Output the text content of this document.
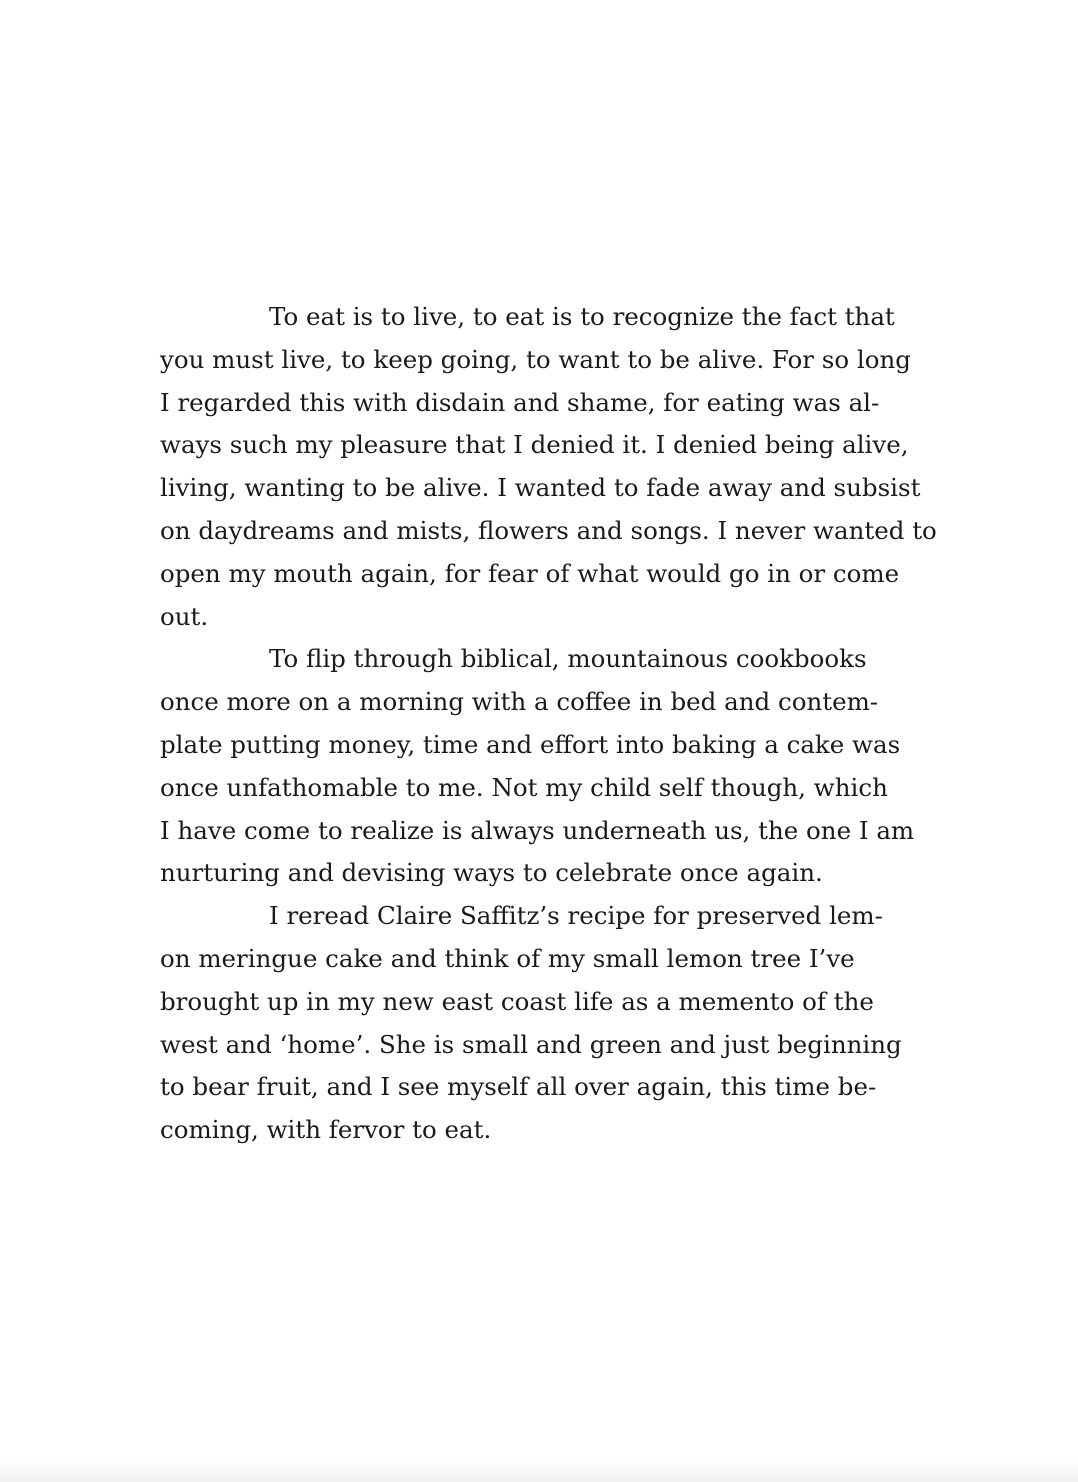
To eat is to live, to eat is to recognize the fact that
you must live, to keep going, to want to be alive. For so long
I regarded this with disdain and shame, for eating was al-
ways such my pleasure that I denied it. I denied being alive,
living, wanting to be alive. I wanted to fade away and subsist
on daydreams and mists, flowers and songs. I never wanted to
open my mouth again, for fear of what would go in or come
out.

To flip through biblical, mountainous cookbooks
once more on a morning with a coffee in bed and contem-
plate putting money, time and effort into baking a cake was
once unfathomable to me. Not my child self though, which
I have come to realize is always underneath us, the one I am
nurturing and devising ways to celebrate once again.

I reread Claire Saffitz’s recipe for preserved lem-
on meringue cake and think of my small lemon tree I’ve
brought up in my new east coast life as a memento of the
west and ‘home’. She is small and green and just beginning
to bear fruit, and I see myself all over again, this time be-
coming, with fervor to eat.
